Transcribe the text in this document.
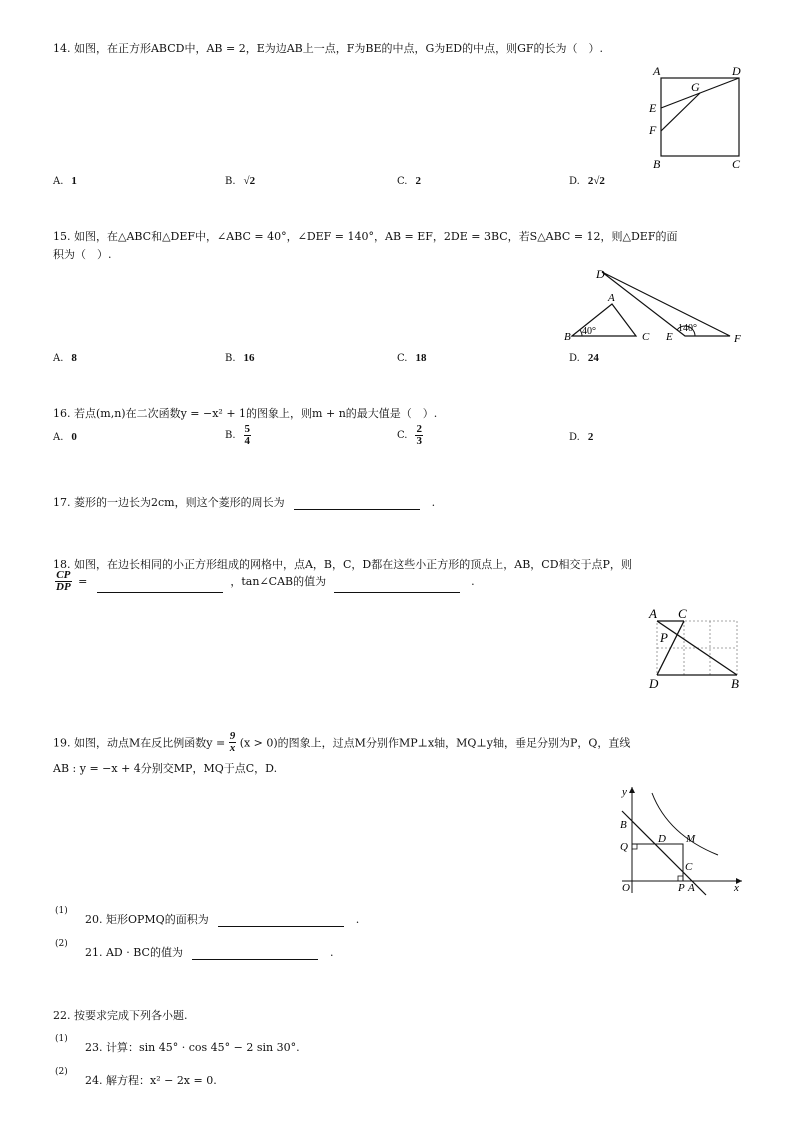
14. 如图，在正方形ABCD中，AB = 2，E为边AB上一点，F为BE的中点，G为ED的中点，则GF的长为（　）.
A	D
G
E
F
B	C
A. 1	B. √2	C. 2	D. 2√2
15. 如图，在△ABC和△DEF中，∠ABC = 40°，∠DEF = 140°，AB = EF，2DE = 3BC，若S△ABC = 12，则△DEF的面
积为（　）.
D
A
B	C E	F
40°	140°
A. 8	B. 16	C. 18	D. 24
16. 若点(m,n)在二次函数y = −x² + 1的图象上，则m + n的最大值是（　）.
A. 0	B. $\frac{5}{4}$	C. $\frac{2}{3}$	D. 2
17. 菱形的一边长为2cm，则这个菱形的周长为	.
18. 如图，在边长相同的小正方形组成的网格中，点A，B，C，D都在这些小正方形的顶点上，AB，CD相交于点P，则
$\frac{CP}{DP}$ =	，tan∠CAB的值为	.
A C
P
D	B
19. 如图，动点M在反比例函数$y = \frac{9}{x} (x > 0)$的图象上，过点M分别作MP⊥x轴，MQ⊥y轴，垂足分别为P，Q，直线
AB : y = −x + 4分别交MP，MQ于点C，D.
y
B
D M
Q
C
O	P A	x
(1)
20. 矩形OPMQ的面积为	.
(2)
21. AD · BC的值为	.
22. 按要求完成下列各小题.
(1)
23. 计算：sin 45° · cos 45° − 2 sin 30°.
(2)
24. 解方程：x² − 2x = 0.
